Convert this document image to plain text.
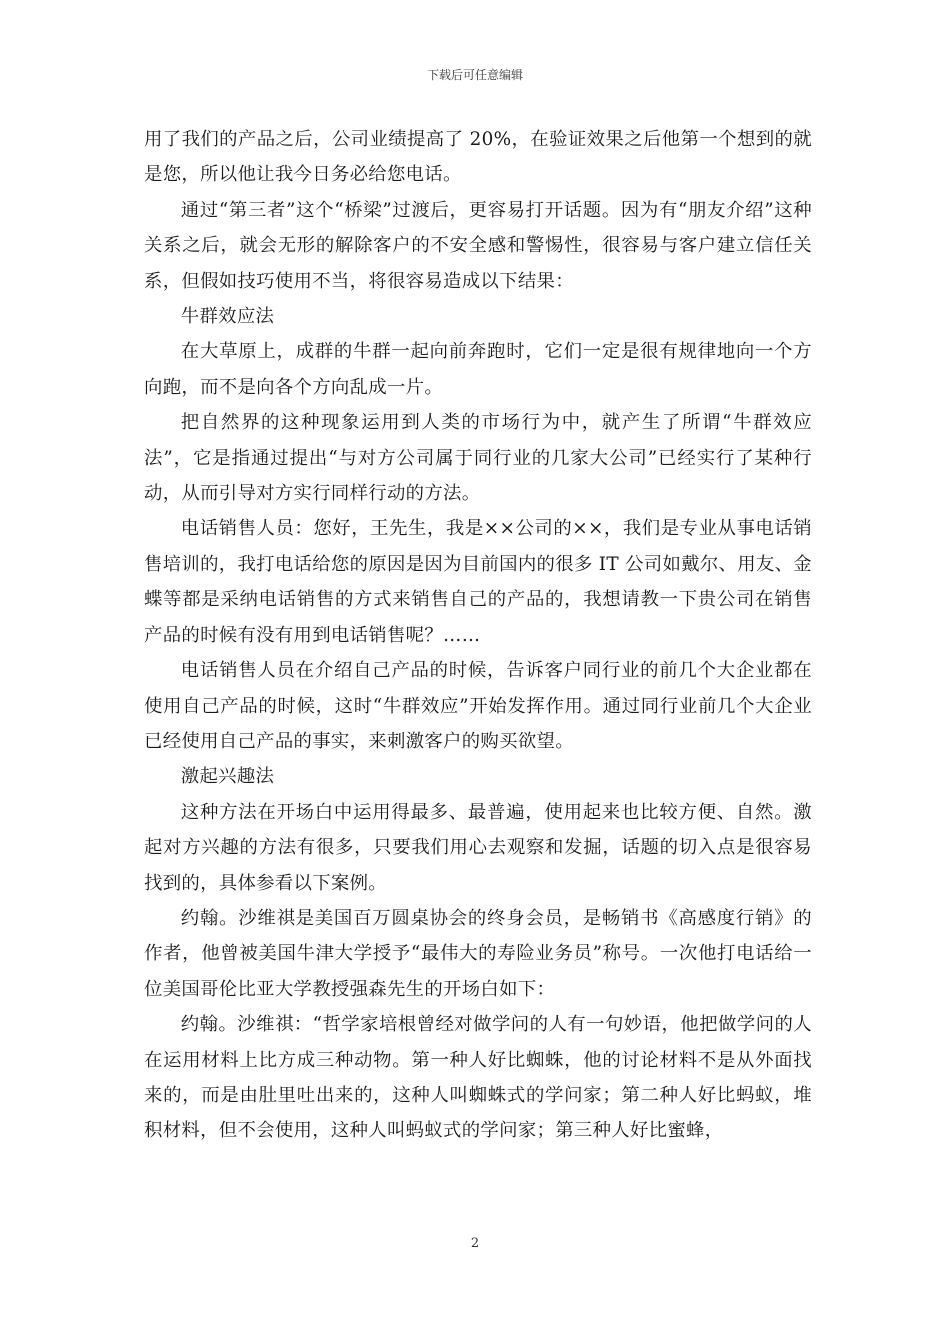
下载后可任意编辑

用了我们的产品之后，公司业绩提高了 20%，在验证效果之后他第一个想到的就是您，所以他让我今日务必给您电话。

通过“第三者”这个“桥梁”过渡后，更容易打开话题。因为有“朋友介绍”这种关系之后，就会无形的解除客户的不安全感和警惕性，很容易与客户建立信任关系，但假如技巧使用不当，将很容易造成以下结果：

牛群效应法

在大草原上，成群的牛群一起向前奔跑时，它们一定是很有规律地向一个方向跑，而不是向各个方向乱成一片。

把自然界的这种现象运用到人类的市场行为中，就产生了所谓“牛群效应法”，它是指通过提出“与对方公司属于同行业的几家大公司”已经实行了某种行动，从而引导对方实行同样行动的方法。

电话销售人员：您好，王先生，我是××公司的××，我们是专业从事电话销售培训的，我打电话给您的原因是因为目前国内的很多 IT 公司如戴尔、用友、金蝶等都是采纳电话销售的方式来销售自己的产品的，我想请教一下贵公司在销售产品的时候有没有用到电话销售呢？……

电话销售人员在介绍自己产品的时候，告诉客户同行业的前几个大企业都在使用自己产品的时候，这时“牛群效应”开始发挥作用。通过同行业前几个大企业已经使用自己产品的事实，来刺激客户的购买欲望。

激起兴趣法

这种方法在开场白中运用得最多、最普遍，使用起来也比较方便、自然。激起对方兴趣的方法有很多，只要我们用心去观察和发掘，话题的切入点是很容易找到的，具体参看以下案例。

约翰。沙维祺是美国百万圆桌协会的终身会员，是畅销书《高感度行销》的作者，他曾被美国牛津大学授予“最伟大的寿险业务员”称号。一次他打电话给一位美国哥伦比亚大学教授强森先生的开场白如下：

约翰。沙维祺：“哲学家培根曾经对做学问的人有一句妙语，他把做学问的人在运用材料上比方成三种动物。第一种人好比蜘蛛，他的讨论材料不是从外面找来的，而是由肚里吐出来的，这种人叫蜘蛛式的学问家；第二种人好比蚂蚁，堆积材料，但不会使用，这种人叫蚂蚁式的学问家；第三种人好比蜜蜂，

2
